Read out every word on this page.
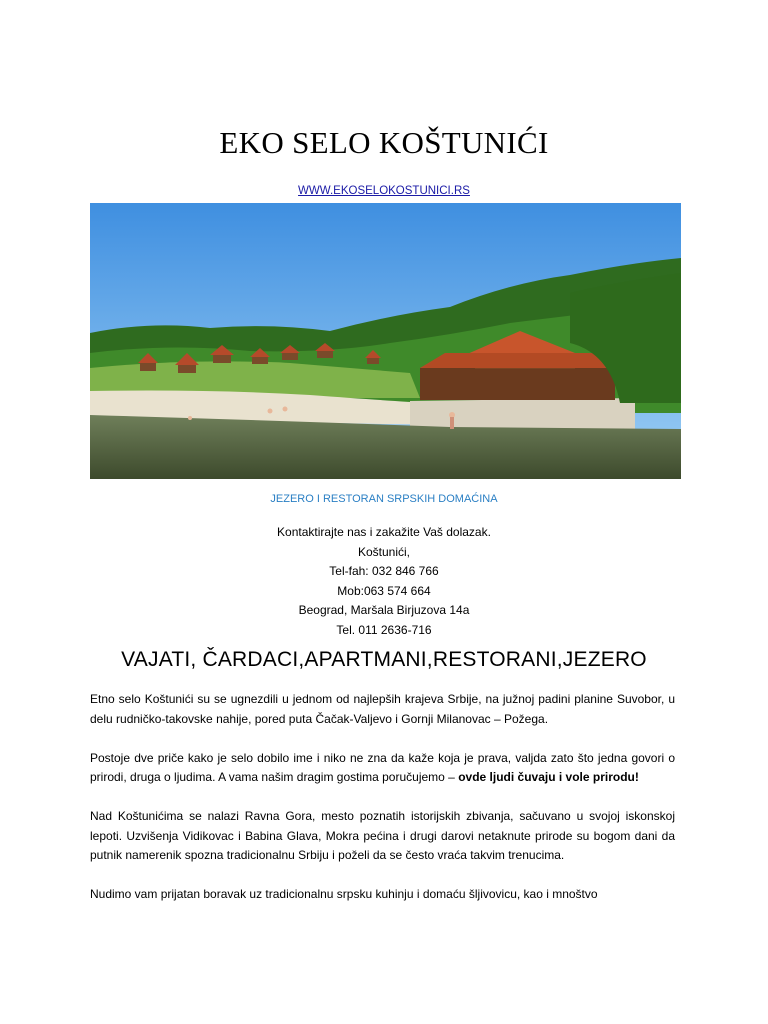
EKO SELO KOŠTUNIĆI
WWW.EKOSELOKOSTUNICI.RS
JEZERO I RESTORAN SRPSKIH DOMAĆINA
Kontaktirajte nas i zakažite Vaš dolazak.
Koštunići,
Tel-fah: 032 846 766
Mob:063 574 664
Beograd, Maršala Birjuzova 14a
Tel. 011 2636-716
VAJATI, ČARDACI,APARTMANI,RESTORANI,JEZERO

Etno selo Koštunići su se ugnezdili u jednom od najlepših krajeva Srbije, na južnoj padini planine Suvobor, u delu rudničko-takovske nahije, pored puta Čačak-Valjevo i Gornji Milanovac – Požega.

Postoje dve priče kako je selo dobilo ime i niko ne zna da kaže koja je prava, valjda zato što jedna govori o prirodi, druga o ljudima. A vama našim dragim gostima poručujemo – ovde ljudi čuvaju i vole prirodu!

Nad Koštunićima se nalazi Ravna Gora, mesto poznatih istorijskih zbivanja, sačuvano u svojoj iskonskoj lepoti. Uzvišenja Vidikovac i Babina Glava, Mokra pećina i drugi darovi netaknute prirode su bogom dani da putnik namerenik spozna tradicionalnu Srbiju i poželi da se često vraća takvim trenucima.

Nudimo vam prijatan boravak uz tradicionalnu srpsku kuhinju i domaću šljivovicu, kao i mnoštvo
